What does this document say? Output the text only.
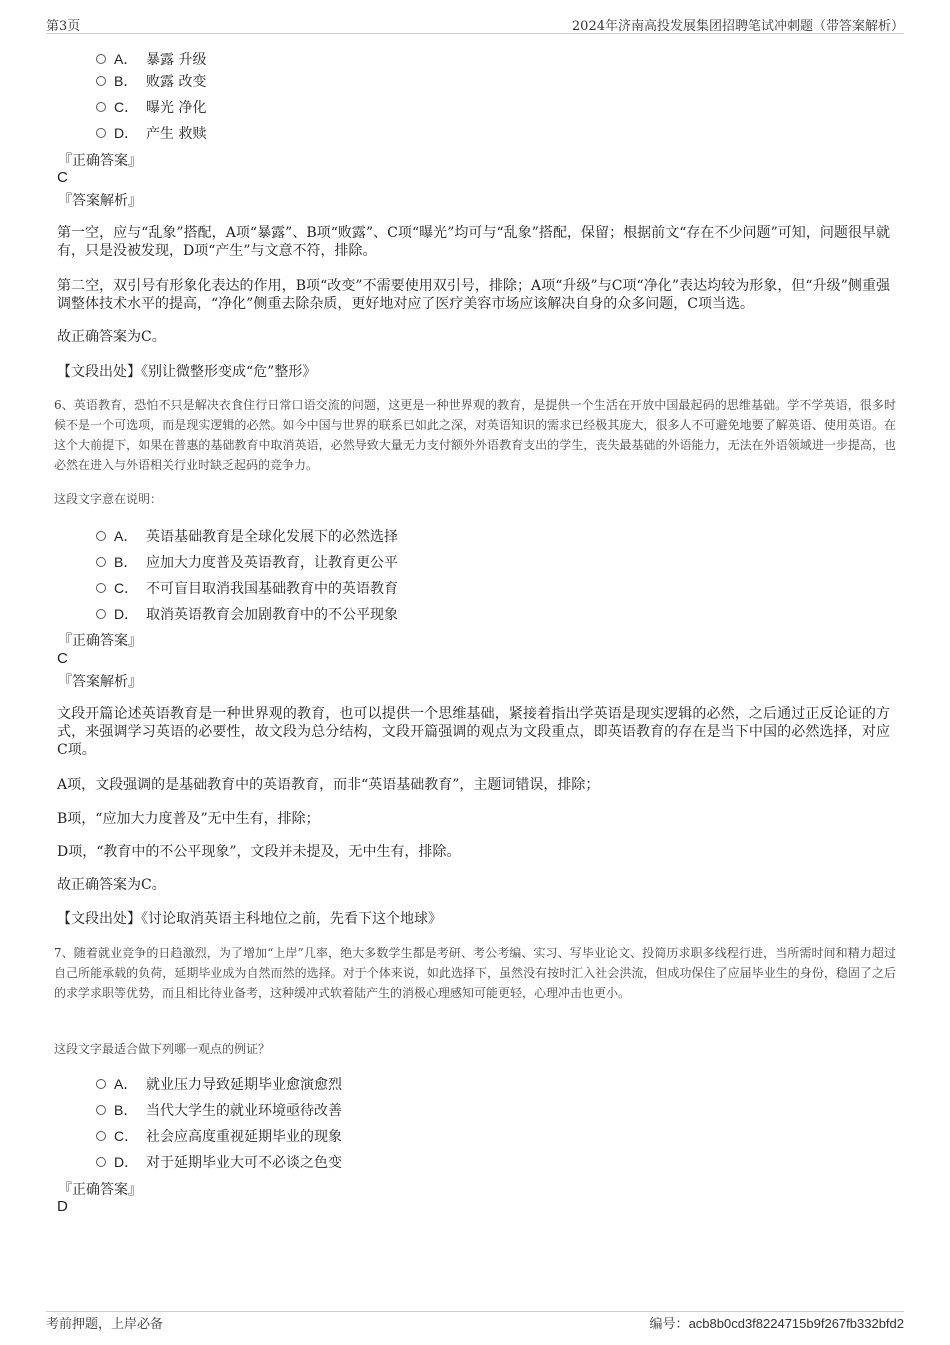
第3页	2024年济南高投发展集团招聘笔试冲刺题（带答案解析）
A． 暴露 升级
B． 败露 改变
C． 曝光 净化
D． 产生 救赎
『正确答案』
C
『答案解析』
第一空，应与“乱象”搭配，A项“暴露”、B项“败露”、C项“曝光”均可与“乱象”搭配，保留；根据前文“存在不少问题”可知，问题很早就有，只是没被发现，D项“产生”与文意不符，排除。
第二空，双引号有形象化表达的作用，B项“改变”不需要使用双引号，排除；A项“升级”与C项“净化”表达均较为形象，但“升级”侧重强调整体技术水平的提高，“净化”侧重去除杂质，更好地对应了医疗美容市场应该解决自身的众多问题，C项当选。
故正确答案为C。
【文段出处】《别让微整形变成“危”整形》
6、英语教育，恐怕不只是解决衣食住行日常口语交流的问题，这更是一种世界观的教育，是提供一个生活在开放中国最起码的思维基础。学不学英语，很多时候不是一个可选项，而是现实逻辑的必然。如今中国与世界的联系已如此之深，对英语知识的需求已经极其庞大，很多人不可避免地要了解英语、使用英语。在这个大前提下，如果在普惠的基础教育中取消英语，必然导致大量无力支付额外外语教育支出的学生，丧失最基础的外语能力，无法在外语领域进一步提高，也必然在进入与外语相关行业时缺乏起码的竞争力。
这段文字意在说明：
A． 英语基础教育是全球化发展下的必然选择
B． 应加大力度普及英语教育，让教育更公平
C． 不可盲目取消我国基础教育中的英语教育
D． 取消英语教育会加剧教育中的不公平现象
『正确答案』
C
『答案解析』
文段开篇论述英语教育是一种世界观的教育，也可以提供一个思维基础，紧接着指出学英语是现实逻辑的必然，之后通过正反论证的方式，来强调学习英语的必要性，故文段为总分结构，文段开篇强调的观点为文段重点，即英语教育的存在是当下中国的必然选择，对应C项。
A项，文段强调的是基础教育中的英语教育，而非“英语基础教育”，主题词错误，排除；
B项，“应加大力度普及”无中生有，排除；
D项，“教育中的不公平现象”，文段并未提及，无中生有，排除。
故正确答案为C。
【文段出处】《讨论取消英语主科地位之前，先看下这个地球》
7、随着就业竞争的日趋激烈，为了增加“上岸”几率，绝大多数学生都是考研、考公考编、实习、写毕业论文、投简历求职多线程行进，当所需时间和精力超过自己所能承载的负荷，延期毕业成为自然而然的选择。对于个体来说，如此选择下，虽然没有按时汇入社会洪流，但成功保住了应届毕业生的身份，稳固了之后的求学求职等优势，而且相比待业备考，这种缓冲式软着陆产生的消极心理感知可能更轻，心理冲击也更小。
这段文字最适合做下列哪一观点的例证？
A． 就业压力导致延期毕业愈演愈烈
B． 当代大学生的就业环境亟待改善
C． 社会应高度重视延期毕业的现象
D． 对于延期毕业大可不必谈之色变
『正确答案』
D
考前押题，上岸必备	编号：acb8b0cd3f8224715b9f267fb332bfd2
